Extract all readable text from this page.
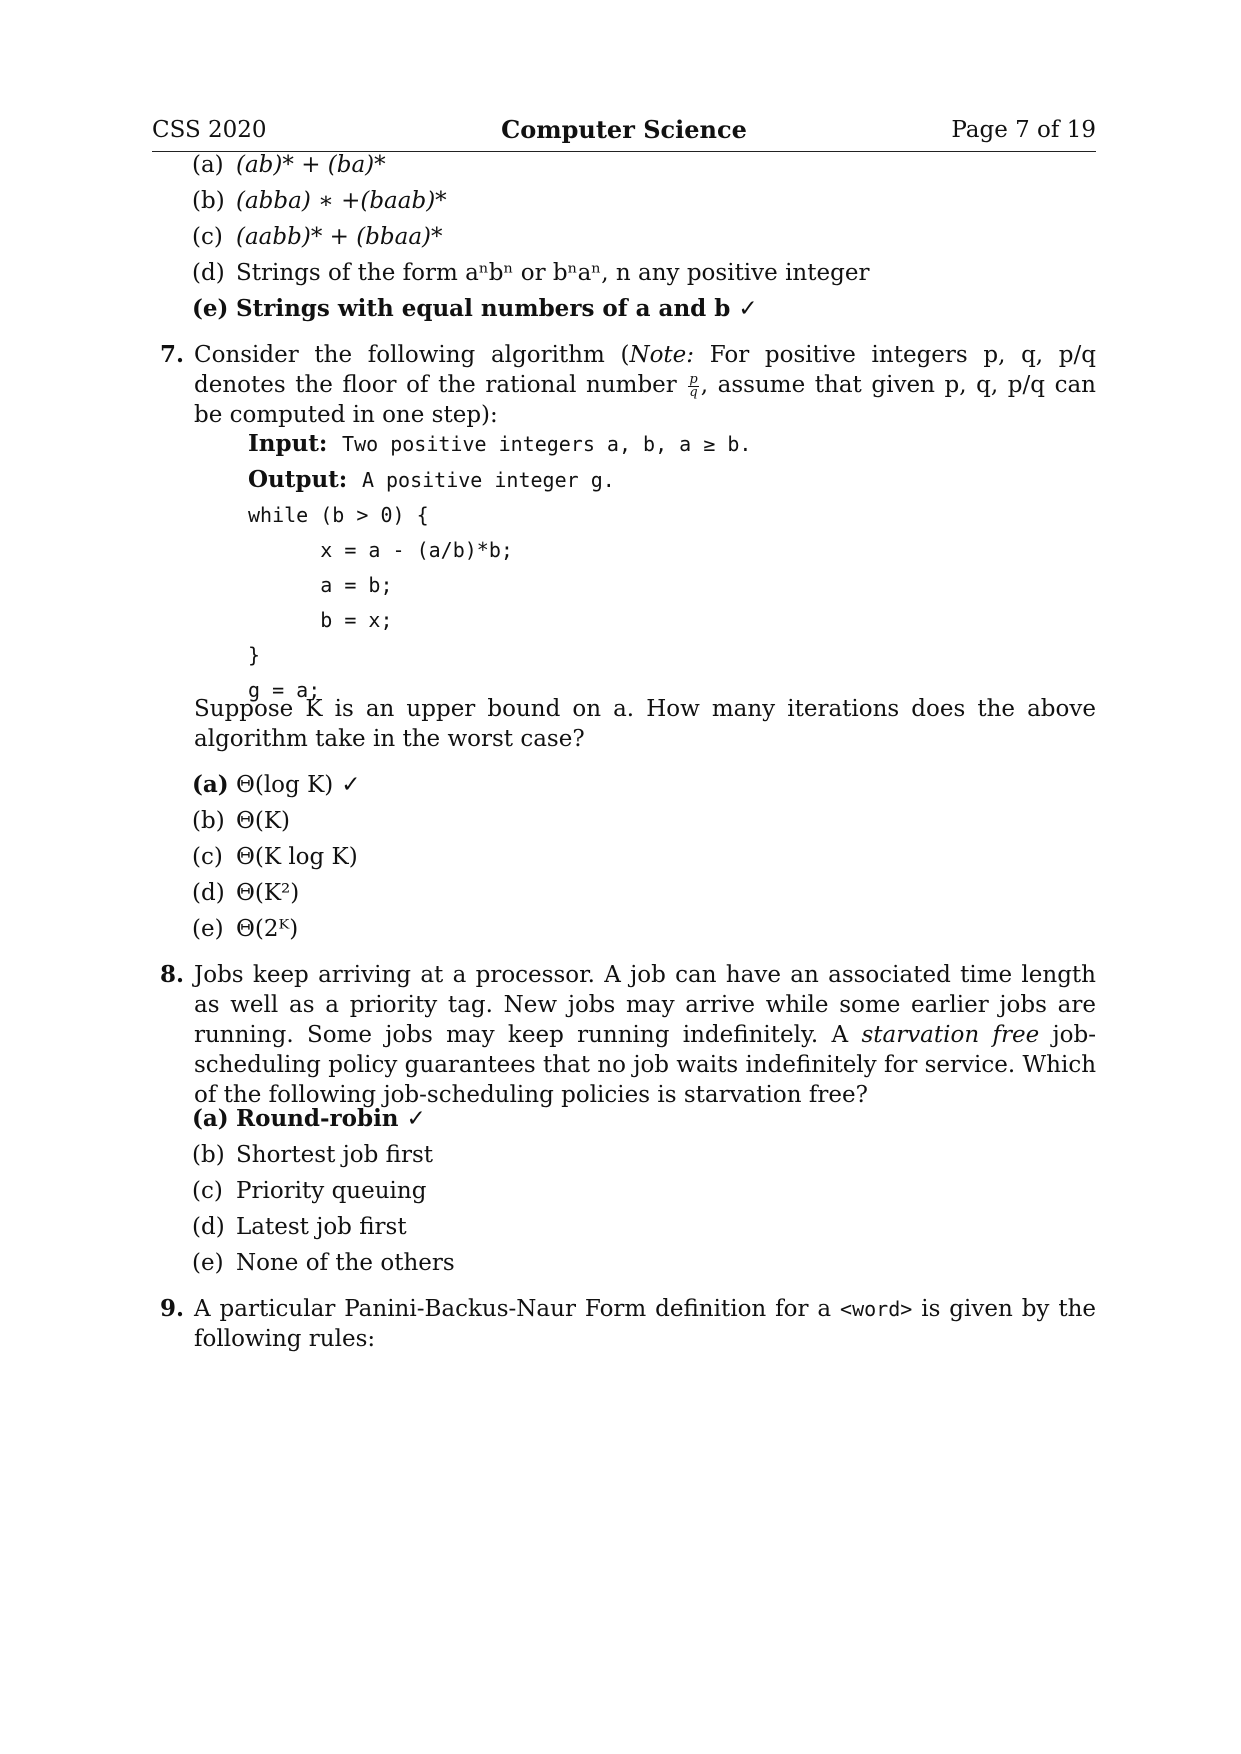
CSS 2020	Computer Science	Page 7 of 19
(a) (ab)* + (ba)*
(b) (abba) ∗ +(baab)*
(c) (aabb)* + (bbaa)*
(d) Strings of the form aⁿbⁿ or bⁿaⁿ, n any positive integer
(e) Strings with equal numbers of a and b ✓
7. Consider the following algorithm (Note: For positive integers p, q, p/q denotes the floor of the rational number $\frac{p}{q}$ , assume that given p, q, p/q can be computed in one step):
Input: Two positive integers a, b, a ≥ b.
Output: A positive integer g.
while (b > 0) {
x = a - (a/b)*b;
a = b;
b = x;
}
g = a;
Suppose K is an upper bound on a. How many iterations does the above algorithm take in the worst case?
(a) Θ(log K) ✓
(b) Θ(K)
(c) Θ(K log K)
(d) Θ(K²)
(e) Θ(2ᴷ)
8. Jobs keep arriving at a processor. A job can have an associated time length as well as a priority tag. New jobs may arrive while some earlier jobs are running. Some jobs may keep running indefinitely. A starvation free job-scheduling policy guarantees that no job waits indefinitely for service. Which of the following job-scheduling policies is starvation free?
(a) Round-robin ✓
(b) Shortest job first
(c) Priority queuing
(d) Latest job first
(e) None of the others
9. A particular Panini-Backus-Naur Form definition for a <word> is given by the following rules:
